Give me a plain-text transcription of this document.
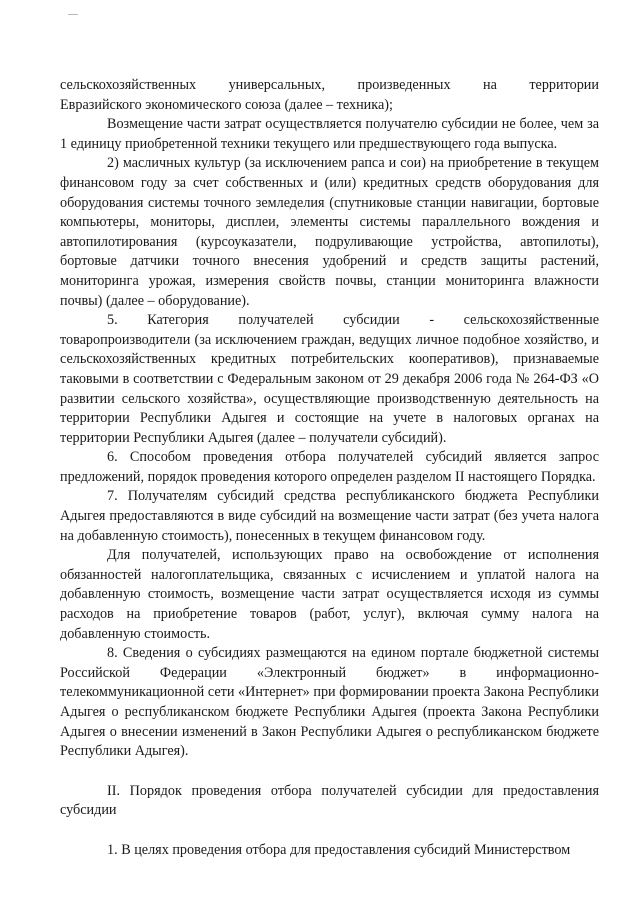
сельскохозяйственных универсальных, произведенных на территории

Евразийского экономического союза (далее – техника);

Возмещение части затрат осуществляется получателю субсидии не более, чем за 1 единицу приобретенной техники текущего или предшествующего года выпуска.

2) масличных культур (за исключением рапса и сои) на приобретение в текущем финансовом году за счет собственных и (или) кредитных средств оборудования для оборудования системы точного земледелия (спутниковые станции навигации, бортовые компьютеры, мониторы, дисплеи, элементы системы параллельного вождения и автопилотирования (курсоуказатели, подруливающие устройства, автопилоты), бортовые датчики точного внесения удобрений и средств защиты растений, мониторинга урожая, измерения свойств почвы, станции мониторинга влажности почвы) (далее – оборудование).

5. Категория получателей субсидии - сельскохозяйственные товаропроизводители (за исключением граждан, ведущих личное подобное хозяйство, и сельскохозяйственных кредитных потребительских кооперативов), признаваемые таковыми в соответствии с Федеральным законом от 29 декабря 2006 года № 264-ФЗ «О развитии сельского хозяйства», осуществляющие производственную деятельность на территории Республики Адыгея и состоящие на учете в налоговых органах на территории Республики Адыгея (далее – получатели субсидий).

6. Способом проведения отбора получателей субсидий является запрос предложений, порядок проведения которого определен разделом II настоящего Порядка.

7. Получателям субсидий средства республиканского бюджета Республики Адыгея предоставляются в виде субсидий на возмещение части затрат (без учета налога на добавленную стоимость), понесенных в текущем финансовом году.

Для получателей, использующих право на освобождение от исполнения обязанностей налогоплательщика, связанных с исчислением и уплатой налога на добавленную стоимость, возмещение части затрат осуществляется исходя из суммы расходов на приобретение товаров (работ, услуг), включая сумму налога на добавленную стоимость.

8. Сведения о субсидиях размещаются на едином портале бюджетной системы Российской Федерации «Электронный бюджет» в информационно-телекоммуникационной сети «Интернет» при формировании проекта Закона Республики Адыгея о республиканском бюджете Республики Адыгея (проекта Закона Республики Адыгея о внесении изменений в Закон Республики Адыгея о республиканском бюджете Республики Адыгея).

II. Порядок проведения отбора получателей субсидии для предоставления субсидии

1. В целях проведения отбора для предоставления субсидий Министерством
